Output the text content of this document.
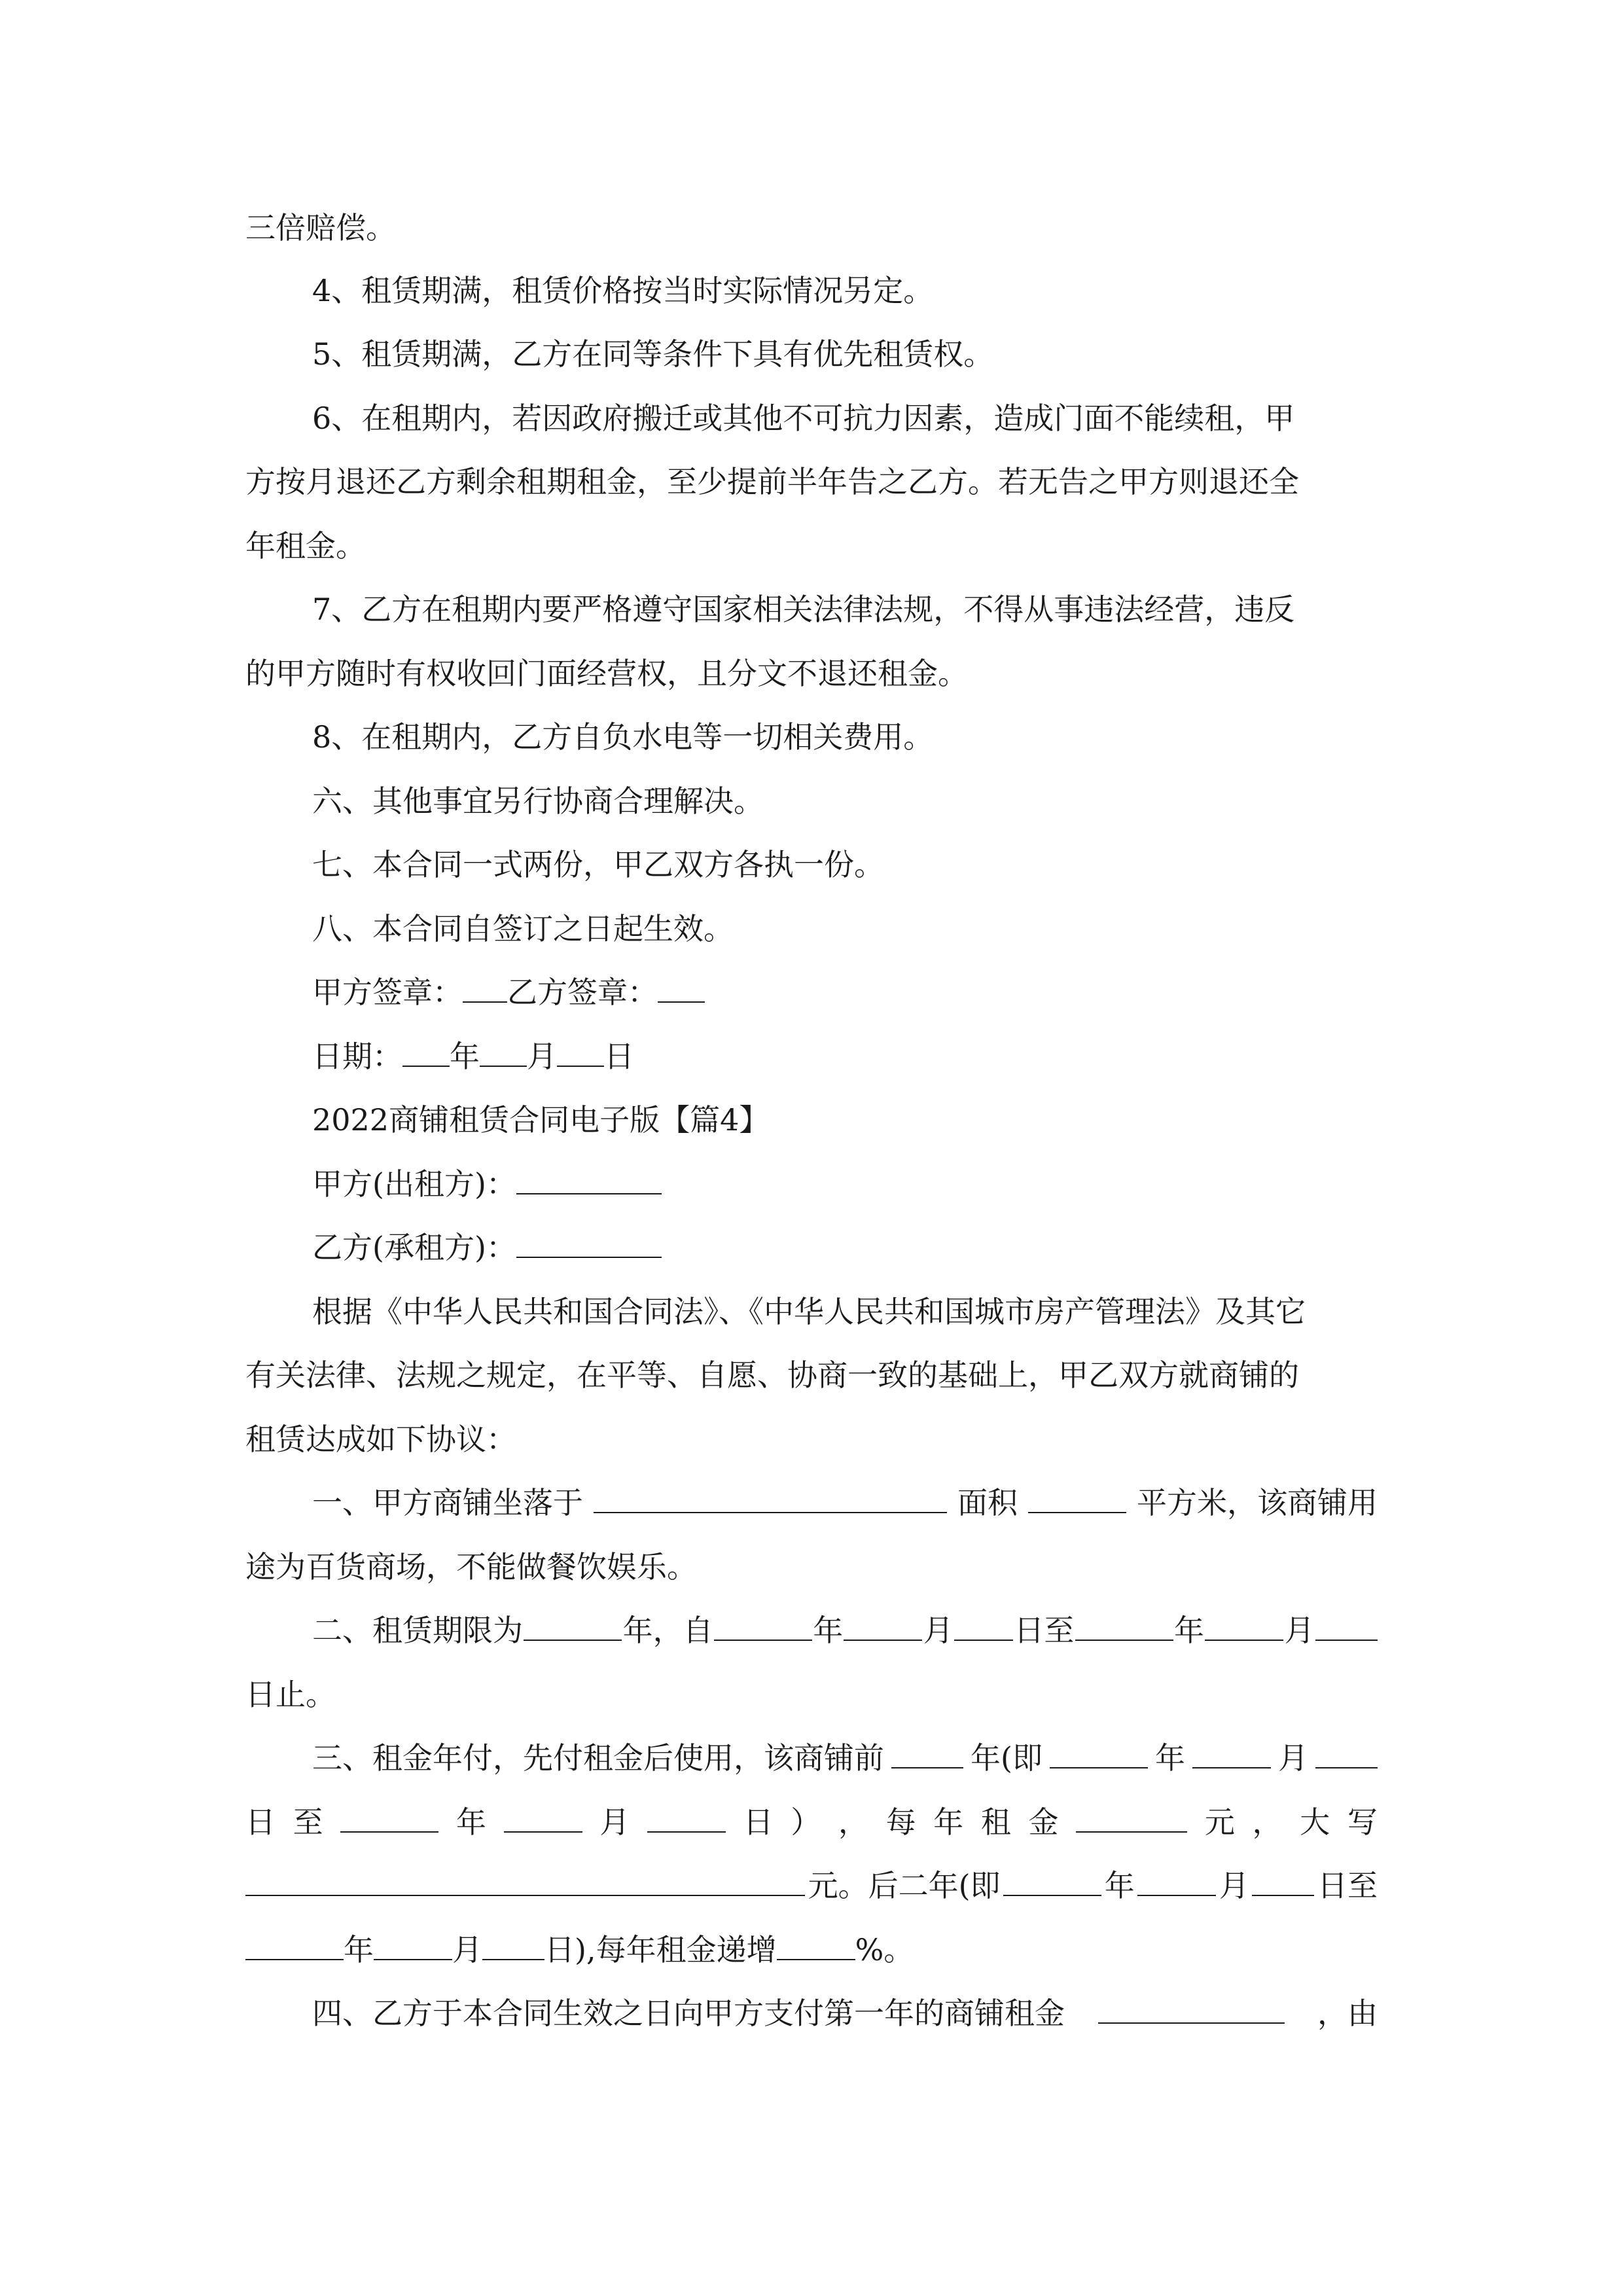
三倍赔偿。
4、租赁期满，租赁价格按当时实际情况另定。
5、租赁期满，乙方在同等条件下具有优先租赁权。
6、在租期内，若因政府搬迁或其他不可抗力因素，造成门面不能续租，甲
方按月退还乙方剩余租期租金，至少提前半年告之乙方。若无告之甲方则退还全
年租金。
7、乙方在租期内要严格遵守国家相关法律法规，不得从事违法经营，违反
的甲方随时有权收回门面经营权，且分文不退还租金。
8、在租期内，乙方自负水电等一切相关费用。
六、其他事宜另行协商合理解决。
七、本合同一式两份，甲乙双方各执一份。
八、本合同自签订之日起生效。
甲方签章： 乙方签章：
日期： 年 月 日
2022商铺租赁合同电子版【篇4】
甲方(出租方)：
乙方(承租方)：
根据《中华人民共和国合同法》、《中华人民共和国城市房产管理法》及其它
有关法律、法规之规定，在平等、自愿、协商一致的基础上，甲乙双方就商铺的
租赁达成如下协议：
一、甲方商铺坐落于	面积	平方米，该商铺用
途为百货商场，不能做餐饮娱乐。
二、租赁期限为	年，自	年	月 日至	年	月
日止。
三、租金年付，先付租金后使用，该商铺前	年(即	年	月
日 至	年	月	日 ） ， 每 年 租 金	元 ， 大 写
元。后二年(即	年	月 日至
年	月 日),每年租金递增	%。
四、乙方于本合同生效之日向甲方支付第一年的商铺租金	，由
